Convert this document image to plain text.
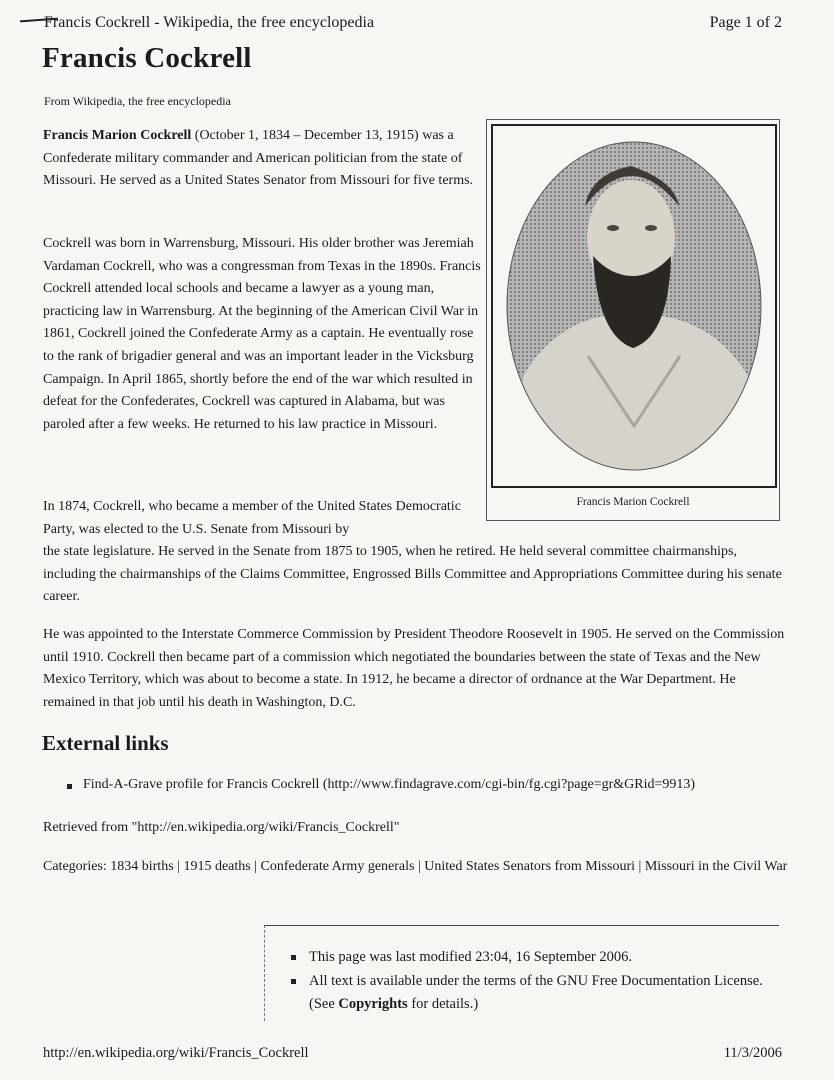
Francis Cockrell - Wikipedia, the free encyclopedia	Page 1 of 2
Francis Cockrell
From Wikipedia, the free encyclopedia

Francis Marion Cockrell (October 1, 1834 – December 13, 1915) was a Confederate military commander and American politician from the state of Missouri. He served as a United States Senator from Missouri for five terms.

Cockrell was born in Warrensburg, Missouri. His older brother was Jeremiah Vardaman Cockrell, who was a congressman from Texas in the 1890s. Francis Cockrell attended local schools and became a lawyer as a young man, practicing law in Warrensburg. At the beginning of the American Civil War in 1861, Cockrell joined the Confederate Army as a captain. He eventually rose to the rank of brigadier general and was an important leader in the Vicksburg Campaign. In April 1865, shortly before the end of the war which resulted in defeat for the Confederates, Cockrell was captured in Alabama, but was paroled after a few weeks. He returned to his law practice in Missouri.

In 1874, Cockrell, who became a member of the United States Democratic Party, was elected to the U.S. Senate from Missouri by
the state legislature. He served in the Senate from 1875 to 1905, when he retired. He held several committee chairmanships, including the chairmanships of the Claims Committee, Engrossed Bills Committee and Appropriations Committee during his senate career.

He was appointed to the Interstate Commerce Commission by President Theodore Roosevelt in 1905. He served on the Commission until 1910. Cockrell then became part of a commission which negotiated the boundaries between the state of Texas and the New Mexico Territory, which was about to become a state. In 1912, he became a director of ordnance at the War Department. He remained in that job until his death in Washington, D.C.

Francis Marion Cockrell
External links
Find-A-Grave profile for Francis Cockrell (http://www.findagrave.com/cgi-bin/fg.cgi?page=gr&GRid=9913)
Retrieved from "http://en.wikipedia.org/wiki/Francis_Cockrell"
Categories: 1834 births | 1915 deaths | Confederate Army generals | United States Senators from Missouri | Missouri in the Civil War
This page was last modified 23:04, 16 September 2006.
All text is available under the terms of the GNU Free Documentation License. (See Copyrights for details.)
http://en.wikipedia.org/wiki/Francis_Cockrell	11/3/2006
